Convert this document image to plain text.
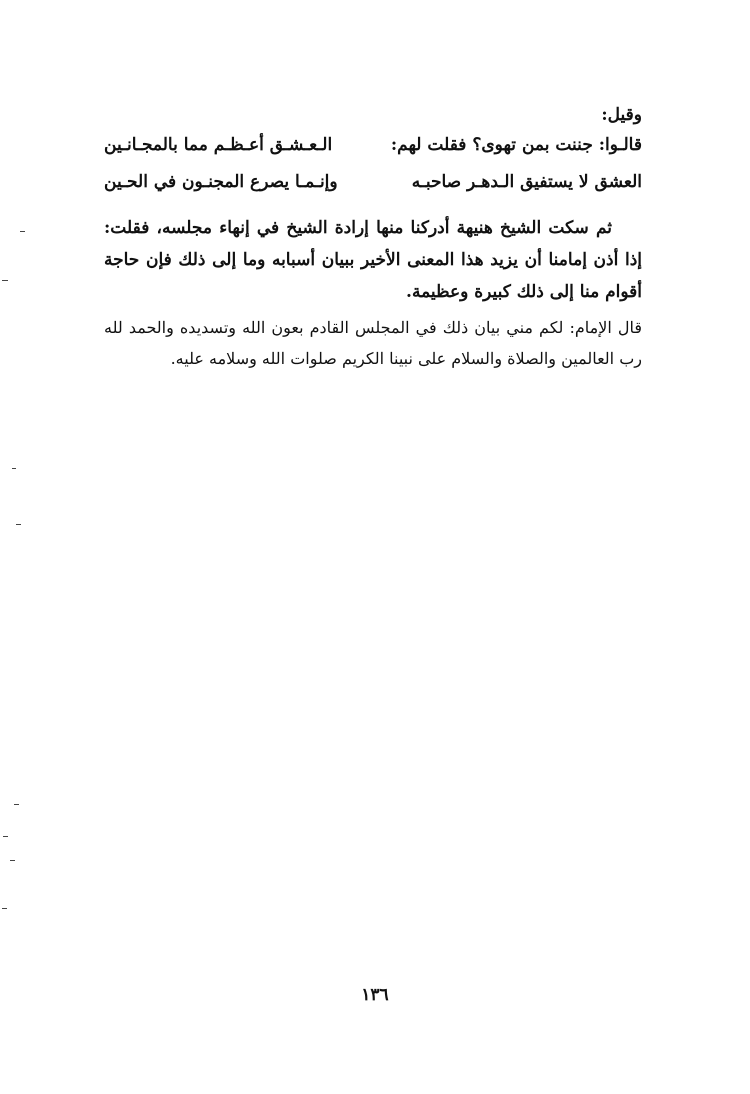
وقيل:
قالـوا: جننت بمن تهوى؟ فقلت لهم:
الـعـشـق أعـظـم مما بالمجـانـين
العشق لا يستفيق الـدهـر صاحبـه
وإنـمـا يصرع المجنـون في الحـين
ثم سكت الشيخ هنيهة أدركنا منها إرادة الشيخ في إنهاء مجلسه، فقلت: إذا أذن إمامنا أن يزيد هذا المعنى الأخير ببيان أسبابه وما إلى ذلك فإن حاجة أقوام منا إلى ذلك كبيرة وعظيمة.
قال الإمام: لكم مني بيان ذلك في المجلس القادم بعون الله وتسديده والحمد لله رب العالمين والصلاة والسلام على نبينا الكريم صلوات الله وسلامه عليه.
١٣٦
